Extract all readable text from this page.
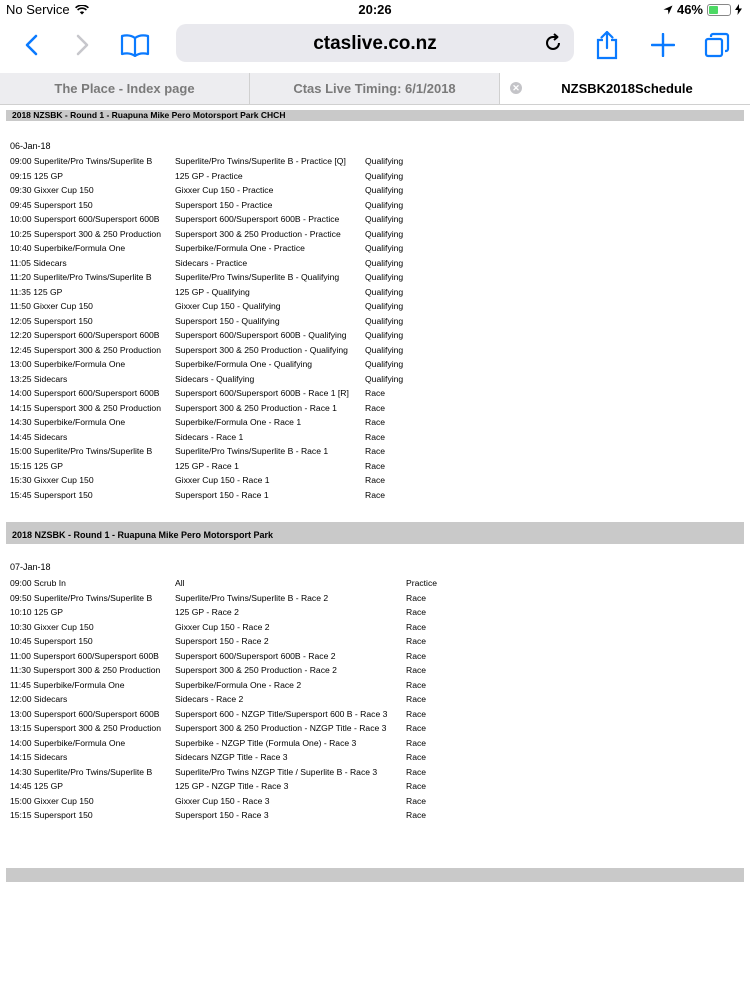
No Service	20:26	46%
ctaslive.co.nz
The Place - Index page	Ctas Live Timing: 6/1/2018	✕	NZSBK2018Schedule
2018 NZSBK - Round 1 - Ruapuna Mike Pero Motorsport Park CHCH
06-Jan-18
09:00 Superlite/Pro Twins/Superlite B	Superlite/Pro Twins/Superlite B - Practice [Q]	Qualifying
09:15 125 GP	125 GP - Practice	Qualifying
09:30 Gixxer Cup 150	Gixxer Cup 150 - Practice	Qualifying
09:45 Supersport 150	Supersport 150 - Practice	Qualifying
10:00 Supersport 600/Supersport 600B	Supersport 600/Supersport 600B - Practice	Qualifying
10:25 Supersport 300 & 250 Production	Supersport 300 & 250 Production - Practice	Qualifying
10:40 Superbike/Formula One	Superbike/Formula One - Practice	Qualifying
11:05 Sidecars	Sidecars - Practice	Qualifying
11:20 Superlite/Pro Twins/Superlite B	Superlite/Pro Twins/Superlite B - Qualifying	Qualifying
11:35 125 GP	125 GP - Qualifying	Qualifying
11:50 Gixxer Cup 150	Gixxer Cup 150 - Qualifying	Qualifying
12:05 Supersport 150	Supersport 150 - Qualifying	Qualifying
12:20 Supersport 600/Supersport 600B	Supersport 600/Supersport 600B - Qualifying	Qualifying
12:45 Supersport 300 & 250 Production	Supersport 300 & 250 Production - Qualifying	Qualifying
13:00 Superbike/Formula One	Superbike/Formula One - Qualifying	Qualifying
13:25 Sidecars	Sidecars - Qualifying	Qualifying
14:00 Supersport 600/Supersport 600B	Supersport 600/Supersport 600B - Race 1 [R]	Race
14:15 Supersport 300 & 250 Production	Supersport 300 & 250 Production - Race 1	Race
14:30 Superbike/Formula One	Superbike/Formula One - Race 1	Race
14:45 Sidecars	Sidecars - Race 1	Race
15:00 Superlite/Pro Twins/Superlite B	Superlite/Pro Twins/Superlite B - Race 1	Race
15:15 125 GP	125 GP - Race 1	Race
15:30 Gixxer Cup 150	Gixxer Cup 150 - Race 1	Race
15:45 Supersport 150	Supersport 150 - Race 1	Race
2018 NZSBK - Round 1 - Ruapuna Mike Pero Motorsport Park
07-Jan-18
09:00 Scrub In	All	Practice
09:50 Superlite/Pro Twins/Superlite B	Superlite/Pro Twins/Superlite B - Race 2	Race
10:10 125 GP	125 GP - Race 2	Race
10:30 Gixxer Cup 150	Gixxer Cup 150 - Race 2	Race
10:45 Supersport 150	Supersport 150 - Race 2	Race
11:00 Supersport 600/Supersport 600B	Supersport 600/Supersport 600B - Race 2	Race
11:30 Supersport 300 & 250 Production	Supersport 300 & 250 Production - Race 2	Race
11:45 Superbike/Formula One	Superbike/Formula One - Race 2	Race
12:00 Sidecars	Sidecars - Race 2	Race
13:00 Supersport 600/Supersport 600B	Supersport 600 - NZGP Title/Supersport 600 B - Race 3	Race
13:15 Supersport 300 & 250 Production	Supersport 300 & 250 Production - NZGP Title - Race 3	Race
14:00 Superbike/Formula One	Superbike - NZGP Title (Formula One) - Race 3	Race
14:15 Sidecars	Sidecars NZGP Title - Race 3	Race
14:30 Superlite/Pro Twins/Superlite B	Superlite/Pro Twins NZGP Title / Superlite B - Race 3	Race
14:45 125 GP	125 GP - NZGP Title - Race 3	Race
15:00 Gixxer Cup 150	Gixxer Cup 150 - Race 3	Race
15:15 Supersport 150	Supersport 150 - Race 3	Race
